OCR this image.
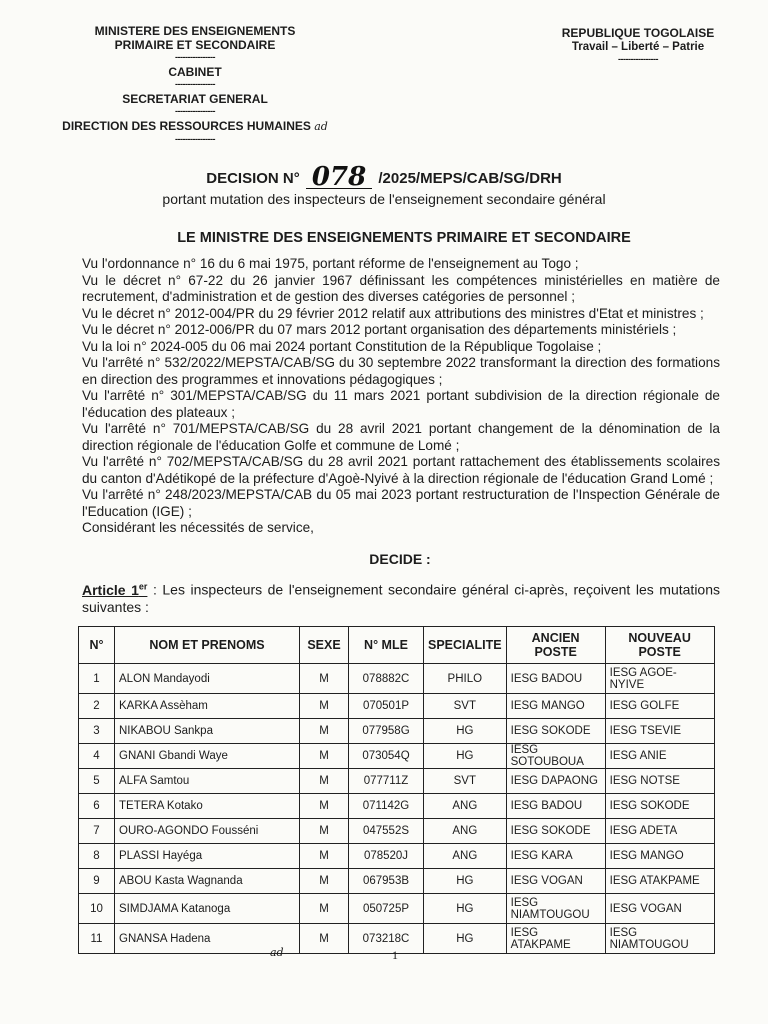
MINISTERE DES ENSEIGNEMENTS
PRIMAIRE ET SECONDAIRE
----------------
CABINET
----------------
SECRETARIAT GENERAL
----------------
DIRECTION DES RESSOURCES HUMAINES ad
----------------
REPUBLIQUE TOGOLAISE
Travail – Liberté – Patrie
----------------
DECISION N° 078 /2025/MEPS/CAB/SG/DRH
portant mutation des inspecteurs de l'enseignement secondaire général
LE MINISTRE DES ENSEIGNEMENTS PRIMAIRE ET SECONDAIRE

Vu l'ordonnance n° 16 du 6 mai 1975, portant réforme de l'enseignement au Togo ;

Vu le décret n° 67-22 du 26 janvier 1967 définissant les compétences ministérielles en matière de recrutement, d'administration et de gestion des diverses catégories de personnel ;

Vu le décret n° 2012-004/PR du 29 février 2012 relatif aux attributions des ministres d'Etat et ministres ;

Vu le décret n° 2012-006/PR du 07 mars 2012 portant organisation des départements ministériels ;

Vu la loi n° 2024-005 du 06 mai 2024 portant Constitution de la République Togolaise ;

Vu l'arrêté n° 532/2022/MEPSTA/CAB/SG du 30 septembre 2022 transformant la direction des formations en direction des programmes et innovations pédagogiques ;

Vu l'arrêté n° 301/MEPSTA/CAB/SG du 11 mars 2021 portant subdivision de la direction régionale de l'éducation des plateaux ;

Vu l'arrêté n° 701/MEPSTA/CAB/SG du 28 avril 2021 portant changement de la dénomination de la direction régionale de l'éducation Golfe et commune de Lomé ;

Vu l'arrêté n° 702/MEPSTA/CAB/SG du 28 avril 2021 portant rattachement des établissements scolaires du canton d'Adétikopé de la préfecture d'Agoè-Nyivé à la direction régionale de l'éducation Grand Lomé ;

Vu l'arrêté n° 248/2023/MEPSTA/CAB du 05 mai 2023 portant restructuration de l'Inspection Générale de l'Education (IGE) ;

Considérant les nécessités de service,

DECIDE :
Article 1er : Les inspecteurs de l'enseignement secondaire général ci-après, reçoivent les mutations suivantes :
N°	NOM ET PRENOMS	SEXE	N° MLE	SPECIALITE	ANCIEN POSTE	NOUVEAU POSTE
1	ALON Mandayodi	M	078882C	PHILO	IESG BADOU	IESG AGOE-NYIVE
2	KARKA Assèham	M	070501P	SVT	IESG MANGO	IESG GOLFE
3	NIKABOU Sankpa	M	077958G	HG	IESG SOKODE	IESG TSEVIE
4	GNANI Gbandi Waye	M	073054Q	HG	IESG SOTOUBOUA	IESG ANIE
5	ALFA Samtou	M	077711Z	SVT	IESG DAPAONG	IESG NOTSE
6	TETERA Kotako	M	071142G	ANG	IESG BADOU	IESG SOKODE
7	OURO-AGONDO Fousséni	M	047552S	ANG	IESG SOKODE	IESG ADETA
8	PLASSI Hayéga	M	078520J	ANG	IESG KARA	IESG MANGO
9	ABOU Kasta Wagnanda	M	067953B	HG	IESG VOGAN	IESG ATAKPAME
10	SIMDJAMA Katanoga	M	050725P	HG	IESG NIAMTOUGOU	IESG VOGAN
11	GNANSA Hadena	M	073218C	HG	IESG ATAKPAME	IESG NIAMTOUGOU
ad	1
